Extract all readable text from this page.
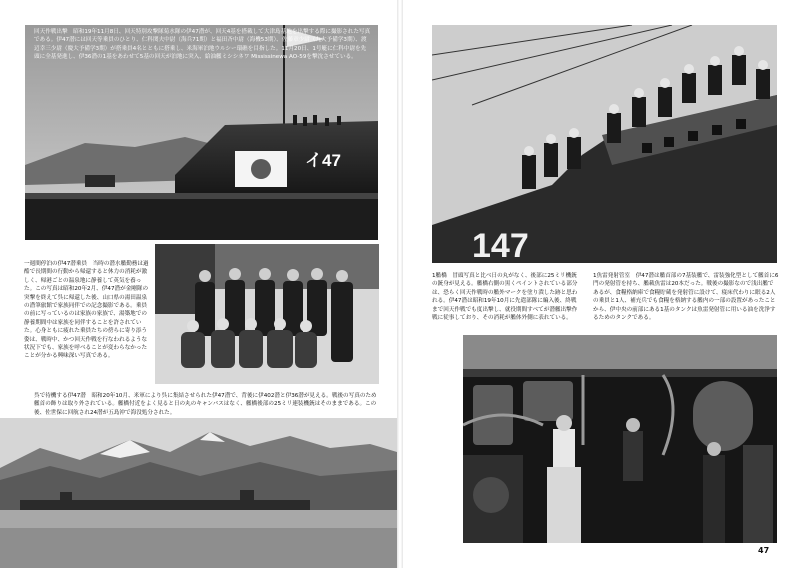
イ47

回天作戦出撃　昭和19年11月8日、回天特別攻撃隊菊水隊の伊47潜が、回天4基を搭載して大津島基地を出撃する際に撮影された写真である。伊47潜には回天等乗員のひとり、仁科関夫中尉（海兵71期）と福田斉中尉（海機53期）、佐藤章少尉（九大予備学3期）、渡辺幸三少尉（慶大予備学3期）が搭乗員4名とともに搭乗し、米海軍泊地ウルシー環礁を目指した。11月20日、1号艇に仁科中尉を先頭に全基発進し、伊36潜の1基をあわせて5基の回天が泊地に突入、給油艦ミシシネワ Mississinewa AO-59を撃沈させている。

一週間停泊の伊47潜乗員　当時の潜水艦勤務は過酷で長期間の行動から帰還すると休力の消耗が激しく、帰港ごとの温泉地に静養して英気を養った。この写真は昭和20年2月、伊47潜が金剛隊の突撃を終えて呉に帰還した後、山口県の湯田温泉の潜筆旅館で家族同伴での記念撮影である。乗員の前に写っているのは家族の家族で、湯築地での静養期間中は家族を同伴することを許されていた。心身ともに疲れた乗員たちの傍らに寄り添う姿は、戦時中、かつ回天作戦を行なわれるような状況下でも、家族を呼べることが変わらなかったことが分かる興味深い写真である。

呉で待機する伊47潜　昭和20年10月、米軍により呉に集結させられた伊47潜で、背後に伊402潜と伊36潜が見える。戦後の写真のため艦首の飾りは取り外されている。艦橋付近をよく見ると日の丸のキャンバスはなく、艦橋後部の25ミリ連装機銃はそのままである。この後、佐世保に回航され24潜が五島沖で海没処分された。

147

1艦橋　冒頭写真と比べ日の丸がなく、後部に25ミリ機銃の銃身が見える。艦橋右側の黒くペイントされている部分は、恐らく回天作戦時の艦外マークを塗り潰した跡と思われる。伊47潜は昭和19年10月に先遣部隊に編入後、終戦まで回天作戦でも度出撃し、就役期間すべてが潜艦出撃作戦に従事しており、その消耗が艦体外側に表れている。

1魚雷発射管室　伊47潜は艦首部の7基装艦で、雷装強化型として艦首に6門の発射管を持ち、艦載魚雷は20本だった。戦後の撮影なので浅出艦であるが、食糧格納庫で食糧貯蔵を発射管に設けて、寝床代わりに眠る2人の乗員と1人、補充兵でも食糧を格納する艦内の一部の設置があったことから、伊中央の前部にある1基のタンクは魚雷発射管に用いる油を洗浄するためのタンクである。

47
